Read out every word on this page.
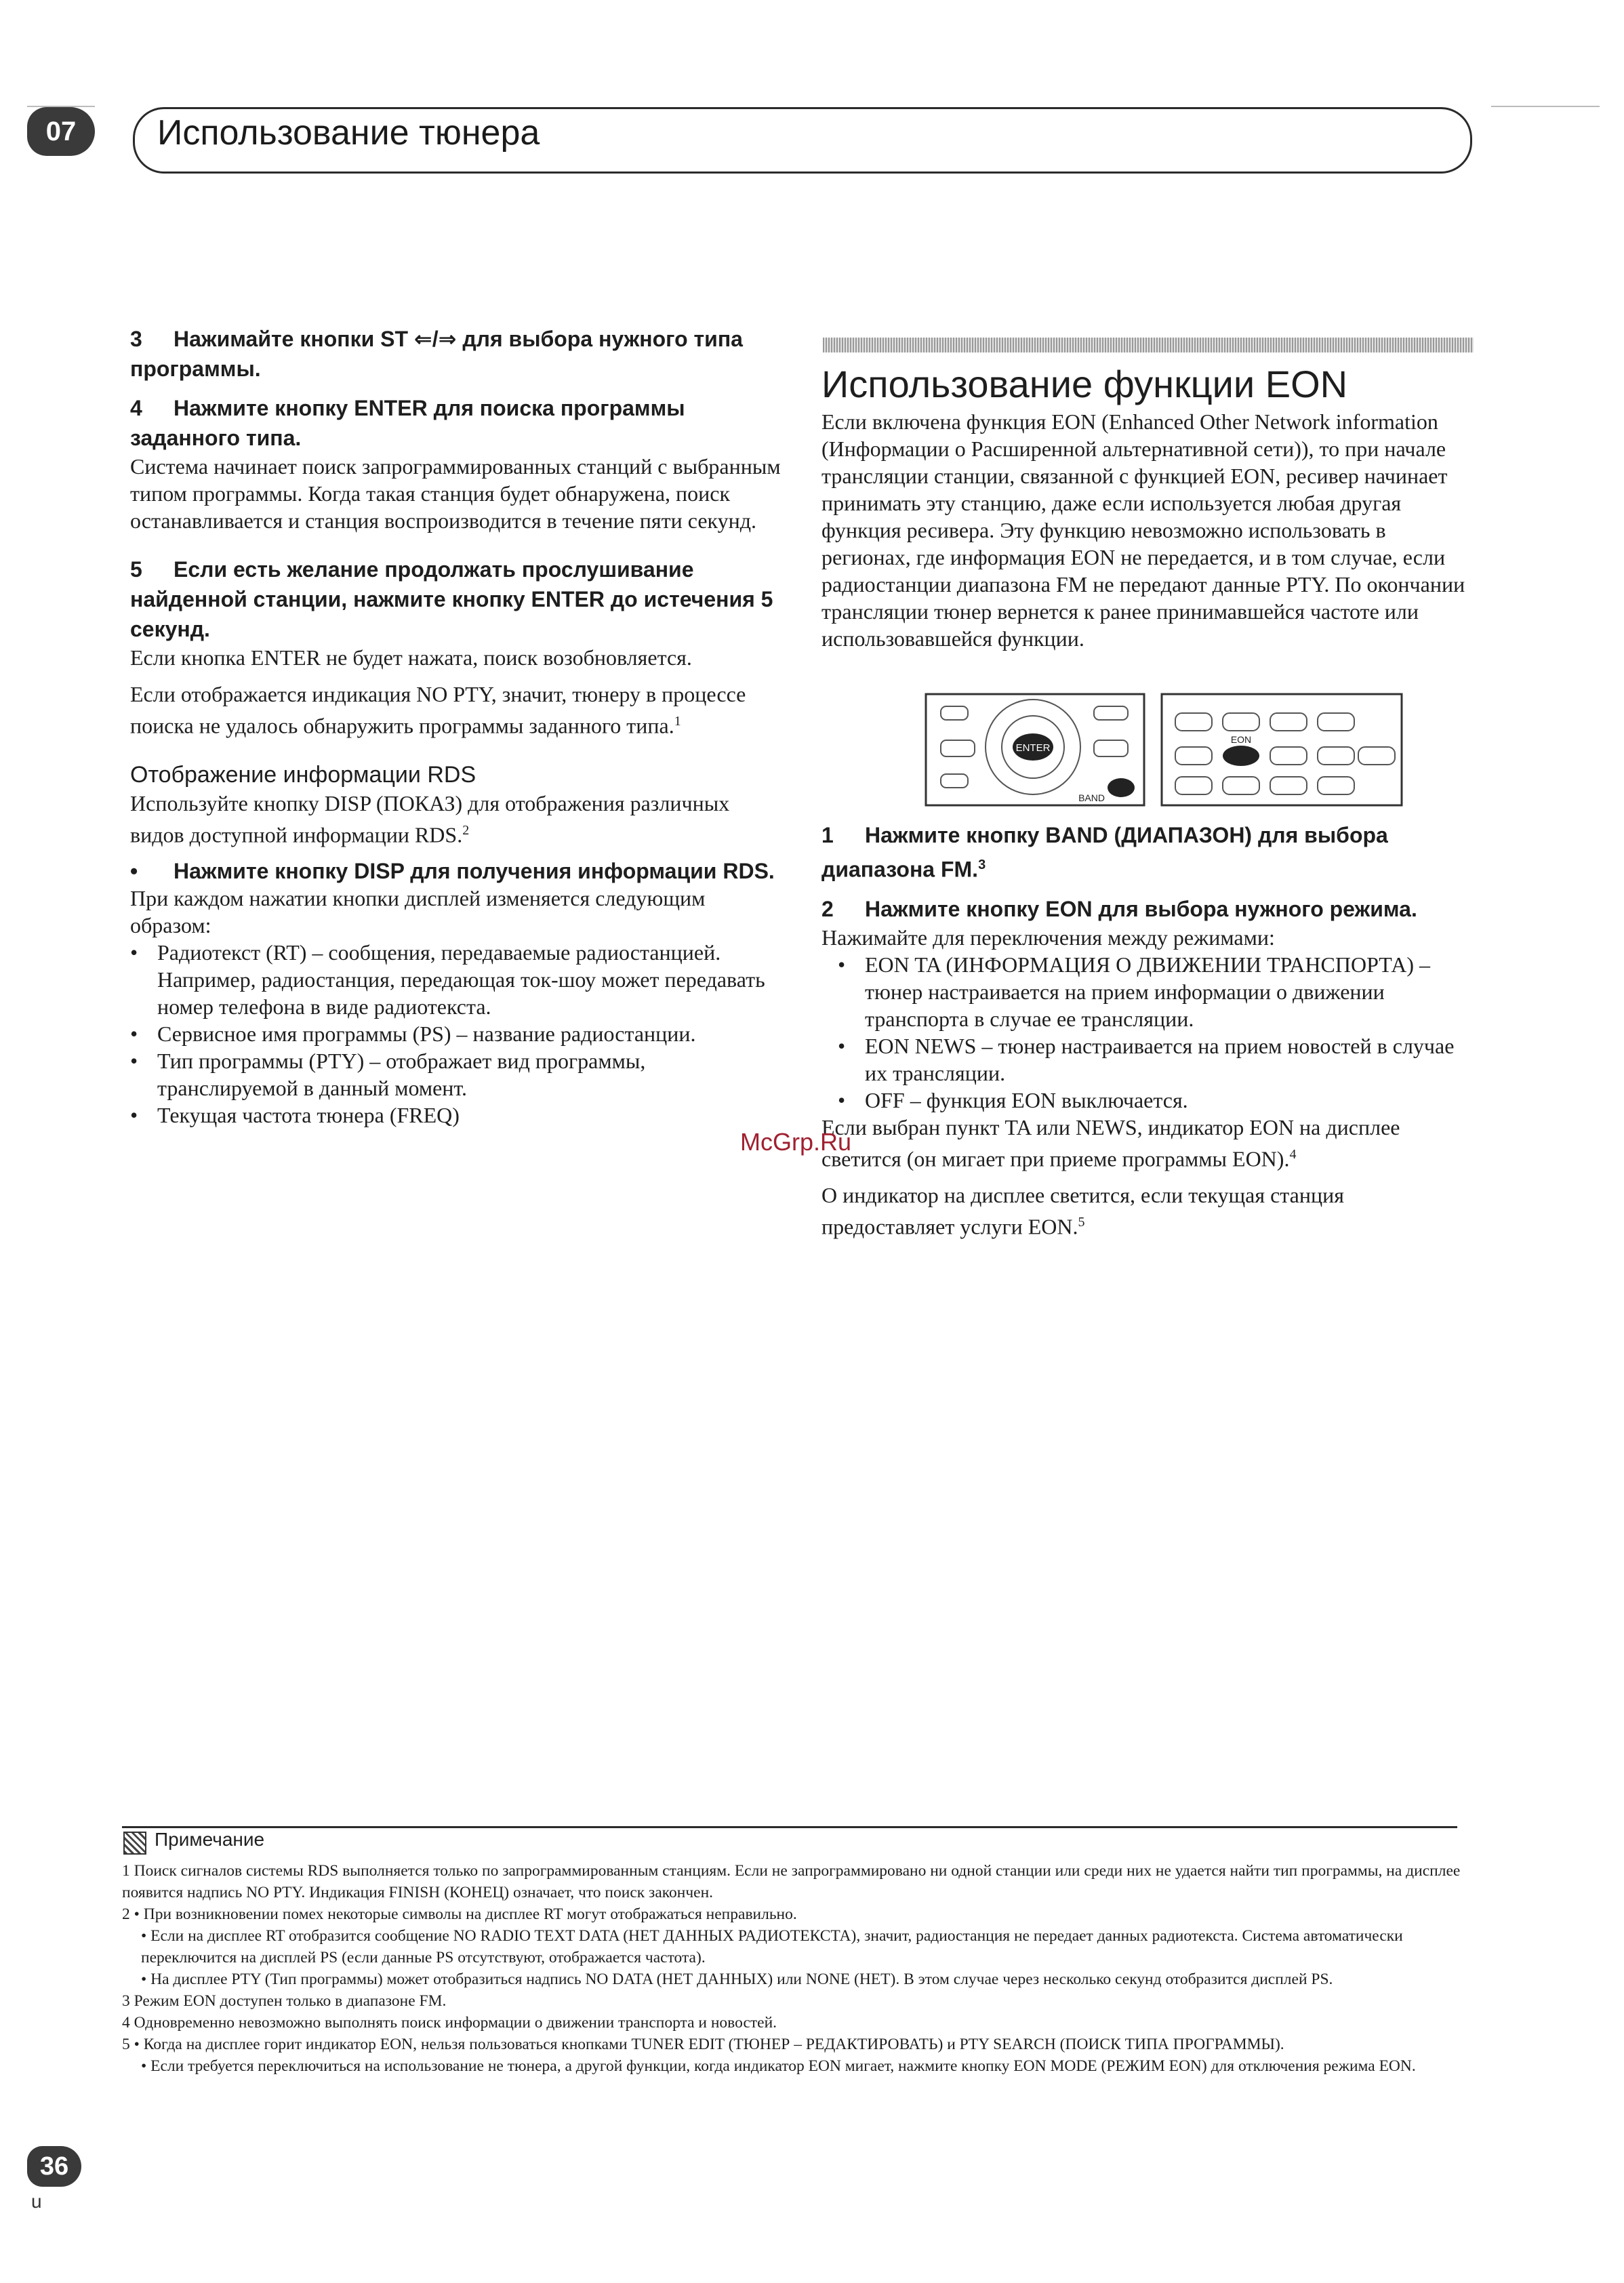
07	Использование тюнера

3 Нажимайте кнопки ST ⇐/⇒ для выбора нужного типа программы.

4 Нажмите кнопку ENTER для поиска программы заданного типа.

Система начинает поиск запрограммированных станций с выбранным типом программы. Когда такая станция будет обнаружена, поиск останавливается и станция воспроизводится в течение пяти секунд.

5 Если есть желание продолжать прослушивание найденной станции, нажмите кнопку ENTER до истечения 5 секунд.

Если кнопка ENTER не будет нажата, поиск возобновляется.

Если отображается индикация NO PTY, значит, тюнеру в процессе поиска не удалось обнаружить программы заданного типа.$^1$

Отображение информации RDS

Используйте кнопку DISP (ПОКАЗ) для отображения различных видов доступной информации RDS.$^2$

•	Нажмите кнопку DISP для получения информации RDS.

При каждом нажатии кнопки дисплей изменяется следующим образом:

• Радиотекст (RT) – сообщения, передаваемые радиостанцией. Например, радиостанция, передающая ток-шоу может передавать номер телефона в виде радиотекста.
• Сервисное имя программы (PS) – название радиостанции.
• Тип программы (PTY) – отображает вид программы, транслируемой в данный момент.
• Текущая частота тюнера (FREQ)

Использование функции EON

Если включена функция EON (Enhanced Other Network information (Информации о Расширенной альтернативной сети)), то при начале трансляции станции, связанной с функцией EON, ресивер начинает принимать эту станцию, даже если используется любая другая функция ресивера. Эту функцию невозможно использовать в регионах, где информация EON не передается, и в том случае, если радиостанции диапазона FM не передают данные PTY. По окончании трансляции тюнер вернется к ранее принимавшейся частоте или использовавшейся функции.

ENTER
BAND
EON

1 Нажмите кнопку BAND (ДИАПАЗОН) для выбора диапазона FM.$^3$

2 Нажмите кнопку EON для выбора нужного режима.

Нажимайте для переключения между режимами:

• EON TA (ИНФОРМАЦИЯ О ДВИЖЕНИИ ТРАНСПОРТА) – тюнер настраивается на прием информации о движении транспорта в случае ее трансляции.
• EON NEWS – тюнер настраивается на прием новостей в случае их трансляции.
• OFF – функция EON выключается.

Если выбран пункт TA или NEWS, индикатор EON на дисплее светится (он мигает при приеме программы EON).$^4$

O индикатор на дисплее светится, если текущая станция предоставляет услуги EON.$^5$

McGrp.Ru
Примечание

1 Поиск сигналов системы RDS выполняется только по запрограммированным станциям. Если не запрограммировано ни одной станции или среди них не удается найти тип программы, на дисплее появится надпись NO PTY. Индикация FINISH (КОНЕЦ) означает, что поиск закончен.

2 • При возникновении помех некоторые символы на дисплее RT могут отображаться неправильно.

• Если на дисплее RT отобразится сообщение NO RADIO TEXT DATA (НЕТ ДАННЫХ РАДИОТЕКСТА), значит, радиостанция не передает данных радиотекста. Система автоматически переключится на дисплей PS (если данные PS отсутствуют, отображается частота).

• На дисплее PTY (Тип программы) может отобразиться надпись NO DATA (НЕТ ДАННЫХ) или NONE (НЕТ). В этом случае через несколько секунд отобразится дисплей PS.

3 Режим EON доступен только в диапазоне FM.

4 Одновременно невозможно выполнять поиск информации о движении транспорта и новостей.

5 • Когда на дисплее горит индикатор EON, нельзя пользоваться кнопками TUNER EDIT (ТЮНЕР – РЕДАКТИРОВАТЬ) и PTY SEARCH (ПОИСК ТИПА ПРОГРАММЫ).

• Если требуется переключиться на использование не тюнера, а другой функции, когда индикатор EON мигает, нажмите кнопку EON MODE (РЕЖИМ EON) для отключения режима EON.

36
u
